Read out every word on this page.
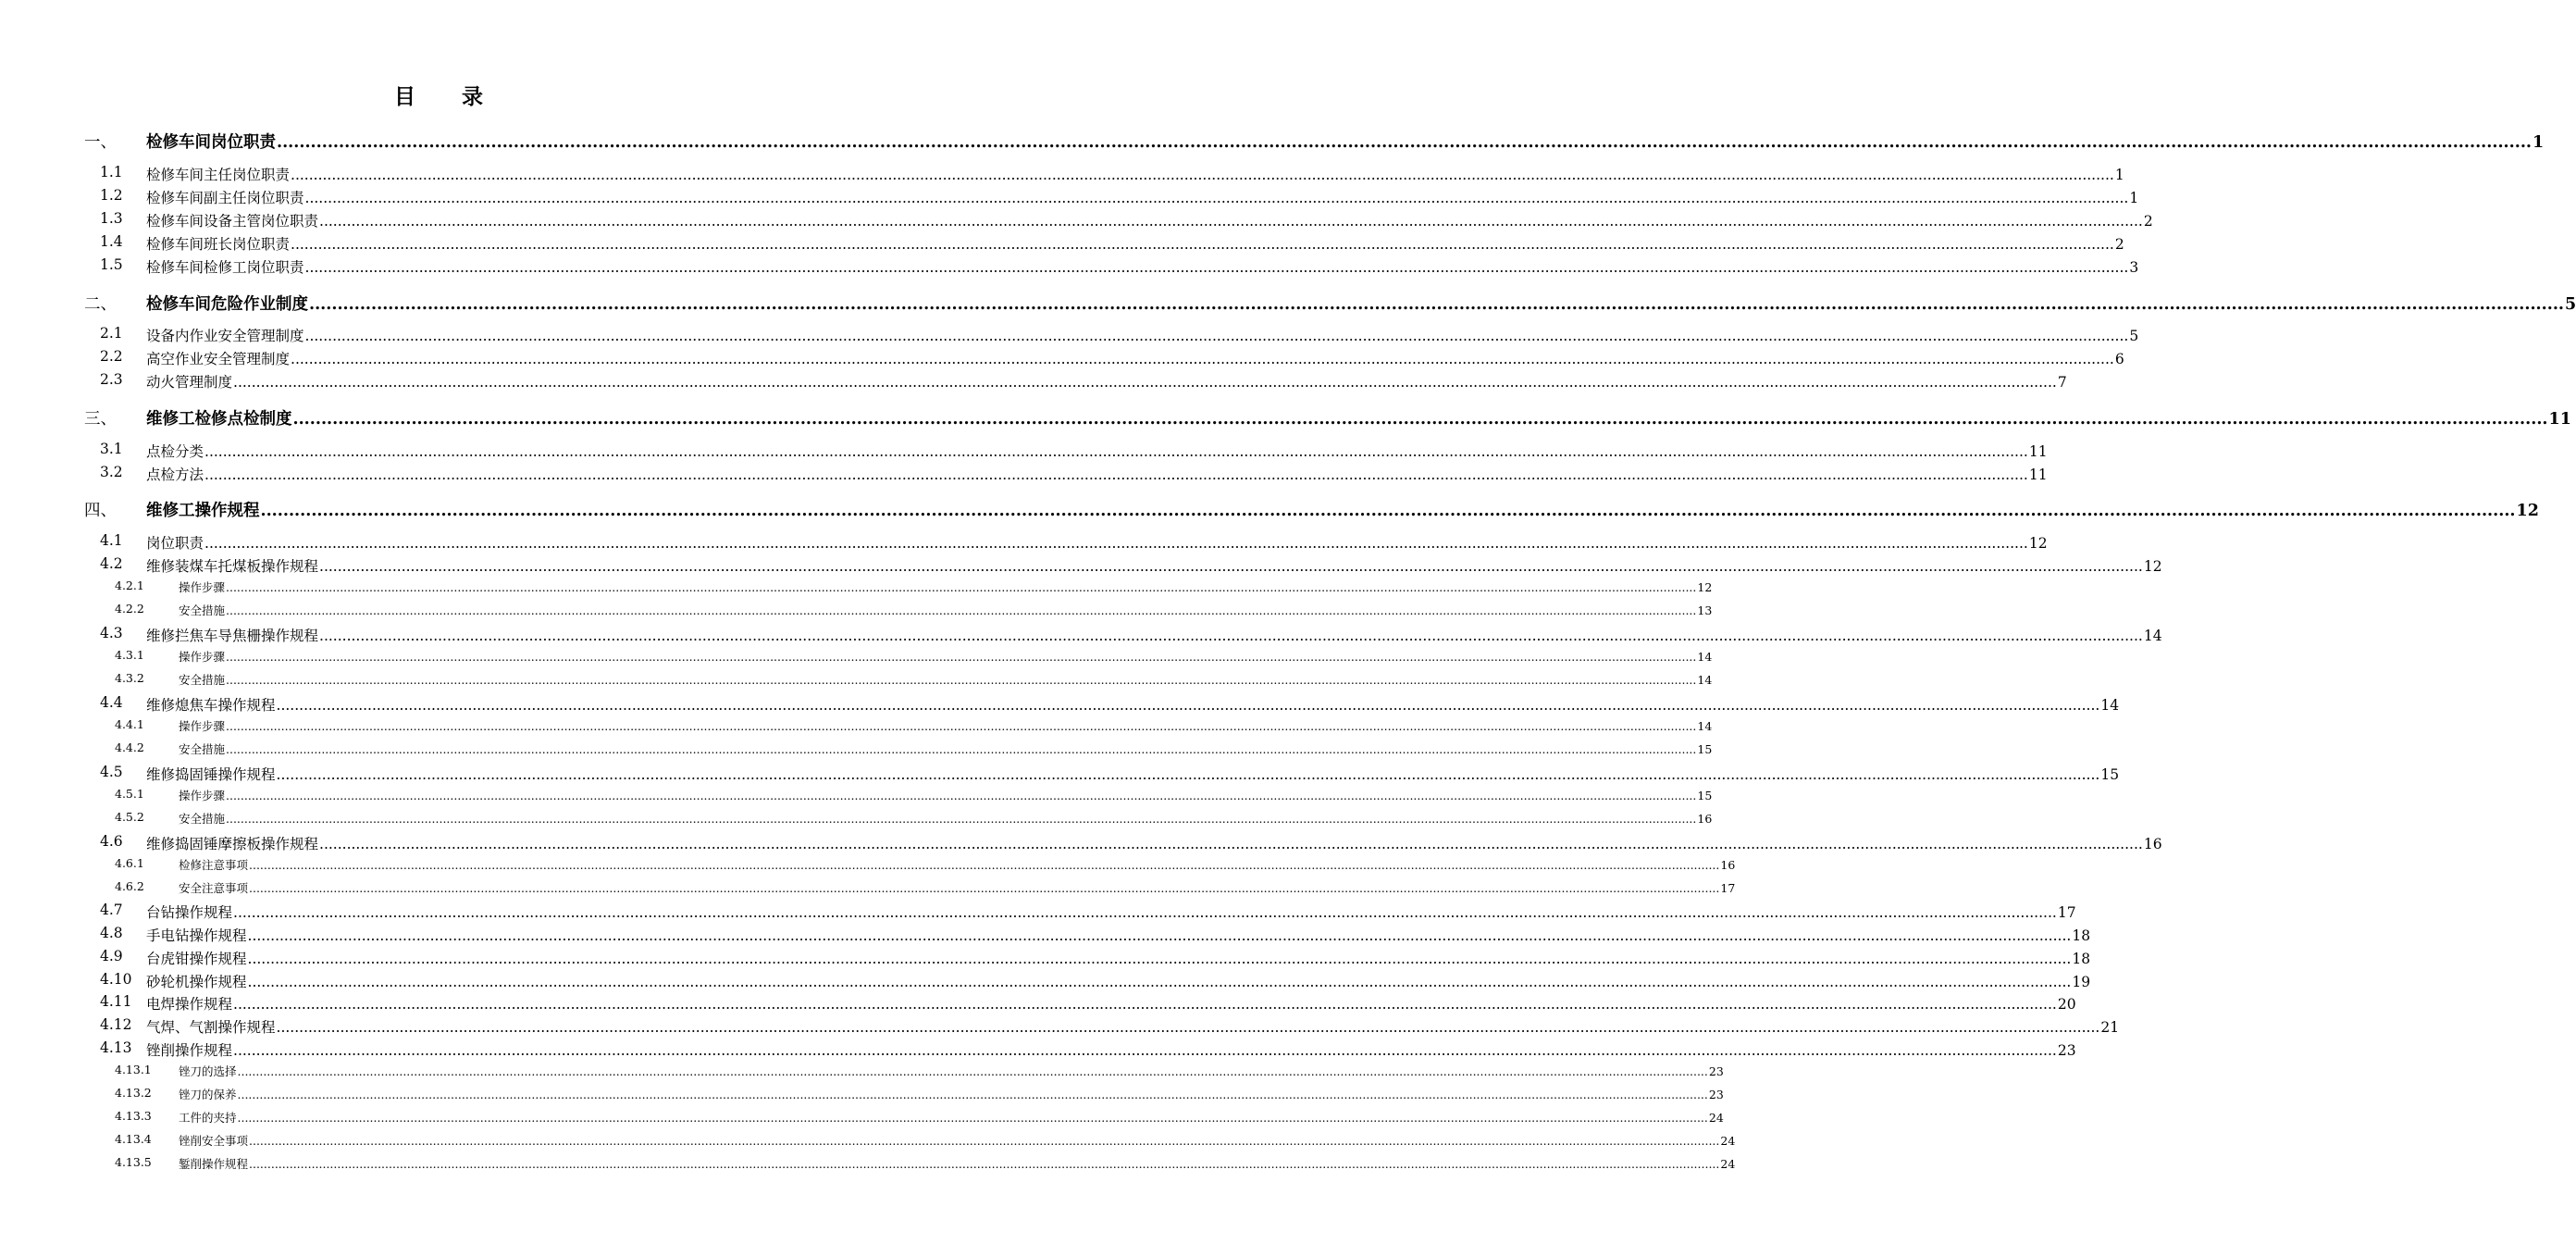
目 录
一、 检修车间岗位职责 ................................................................................................................................................................................................................................................................................................................................................................................................................ 1
1.1 检修车间主任岗位职责 ................................................................................................................................................................................................................................................................................................................................................................................................................ 1
1.2 检修车间副主任岗位职责 ................................................................................................................................................................................................................................................................................................................................................................................................................ 1
1.3 检修车间设备主管岗位职责 ................................................................................................................................................................................................................................................................................................................................................................................................................ 2
1.4 检修车间班长岗位职责 ................................................................................................................................................................................................................................................................................................................................................................................................................ 2
1.5 检修车间检修工岗位职责 ................................................................................................................................................................................................................................................................................................................................................................................................................ 3
二、 检修车间危险作业制度 ................................................................................................................................................................................................................................................................................................................................................................................................................ 5
2.1 设备内作业安全管理制度 ................................................................................................................................................................................................................................................................................................................................................................................................................ 5
2.2 高空作业安全管理制度 ................................................................................................................................................................................................................................................................................................................................................................................................................ 6
2.3 动火管理制度 ................................................................................................................................................................................................................................................................................................................................................................................................................ 7
三、 维修工检修点检制度 ................................................................................................................................................................................................................................................................................................................................................................................................................ 11
3.1 点检分类 ................................................................................................................................................................................................................................................................................................................................................................................................................ 11
3.2 点检方法 ................................................................................................................................................................................................................................................................................................................................................................................................................ 11
四、 维修工操作规程 ................................................................................................................................................................................................................................................................................................................................................................................................................ 12
4.1 岗位职责 ................................................................................................................................................................................................................................................................................................................................................................................................................ 12
4.2 维修装煤车托煤板操作规程 ................................................................................................................................................................................................................................................................................................................................................................................................................ 12
4.2.1	操作步骤 ................................................................................................................................................................................................................................................................................................................................................................................................................ 12
4.2.2	安全措施 ................................................................................................................................................................................................................................................................................................................................................................................................................ 13
4.3 维修拦焦车导焦栅操作规程 ................................................................................................................................................................................................................................................................................................................................................................................................................ 14
4.3.1	操作步骤 ................................................................................................................................................................................................................................................................................................................................................................................................................ 14
4.3.2	安全措施 ................................................................................................................................................................................................................................................................................................................................................................................................................ 14
4.4 维修熄焦车操作规程 ................................................................................................................................................................................................................................................................................................................................................................................................................ 14
4.4.1	操作步骤 ................................................................................................................................................................................................................................................................................................................................................................................................................ 14
4.4.2	安全措施 ................................................................................................................................................................................................................................................................................................................................................................................................................ 15
4.5 维修捣固锤操作规程 ................................................................................................................................................................................................................................................................................................................................................................................................................ 15
4.5.1	操作步骤 ................................................................................................................................................................................................................................................................................................................................................................................................................ 15
4.5.2	安全措施 ................................................................................................................................................................................................................................................................................................................................................................................................................ 16
4.6 维修捣固锤摩擦板操作规程 ................................................................................................................................................................................................................................................................................................................................................................................................................ 16
4.6.1	检修注意事项 ................................................................................................................................................................................................................................................................................................................................................................................................................ 16
4.6.2	安全注意事项 ................................................................................................................................................................................................................................................................................................................................................................................................................ 17
4.7 台钻操作规程 ................................................................................................................................................................................................................................................................................................................................................................................................................ 17
4.8 手电钻操作规程 ................................................................................................................................................................................................................................................................................................................................................................................................................ 18
4.9 台虎钳操作规程 ................................................................................................................................................................................................................................................................................................................................................................................................................ 18
4.10 砂轮机操作规程 ................................................................................................................................................................................................................................................................................................................................................................................................................ 19
4.11 电焊操作规程 ................................................................................................................................................................................................................................................................................................................................................................................................................ 20
4.12 气焊、气割操作规程 ................................................................................................................................................................................................................................................................................................................................................................................................................ 21
4.13 锉削操作规程 ................................................................................................................................................................................................................................................................................................................................................................................................................ 23
4.13.1 锉刀的选择 ................................................................................................................................................................................................................................................................................................................................................................................................................ 23
4.13.2 锉刀的保养 ................................................................................................................................................................................................................................................................................................................................................................................................................ 23
4.13.3 工件的夹持 ................................................................................................................................................................................................................................................................................................................................................................................................................ 24
4.13.4 锉削安全事项 ................................................................................................................................................................................................................................................................................................................................................................................................................ 24
4.13.5 錾削操作规程 ................................................................................................................................................................................................................................................................................................................................................................................................................ 24
